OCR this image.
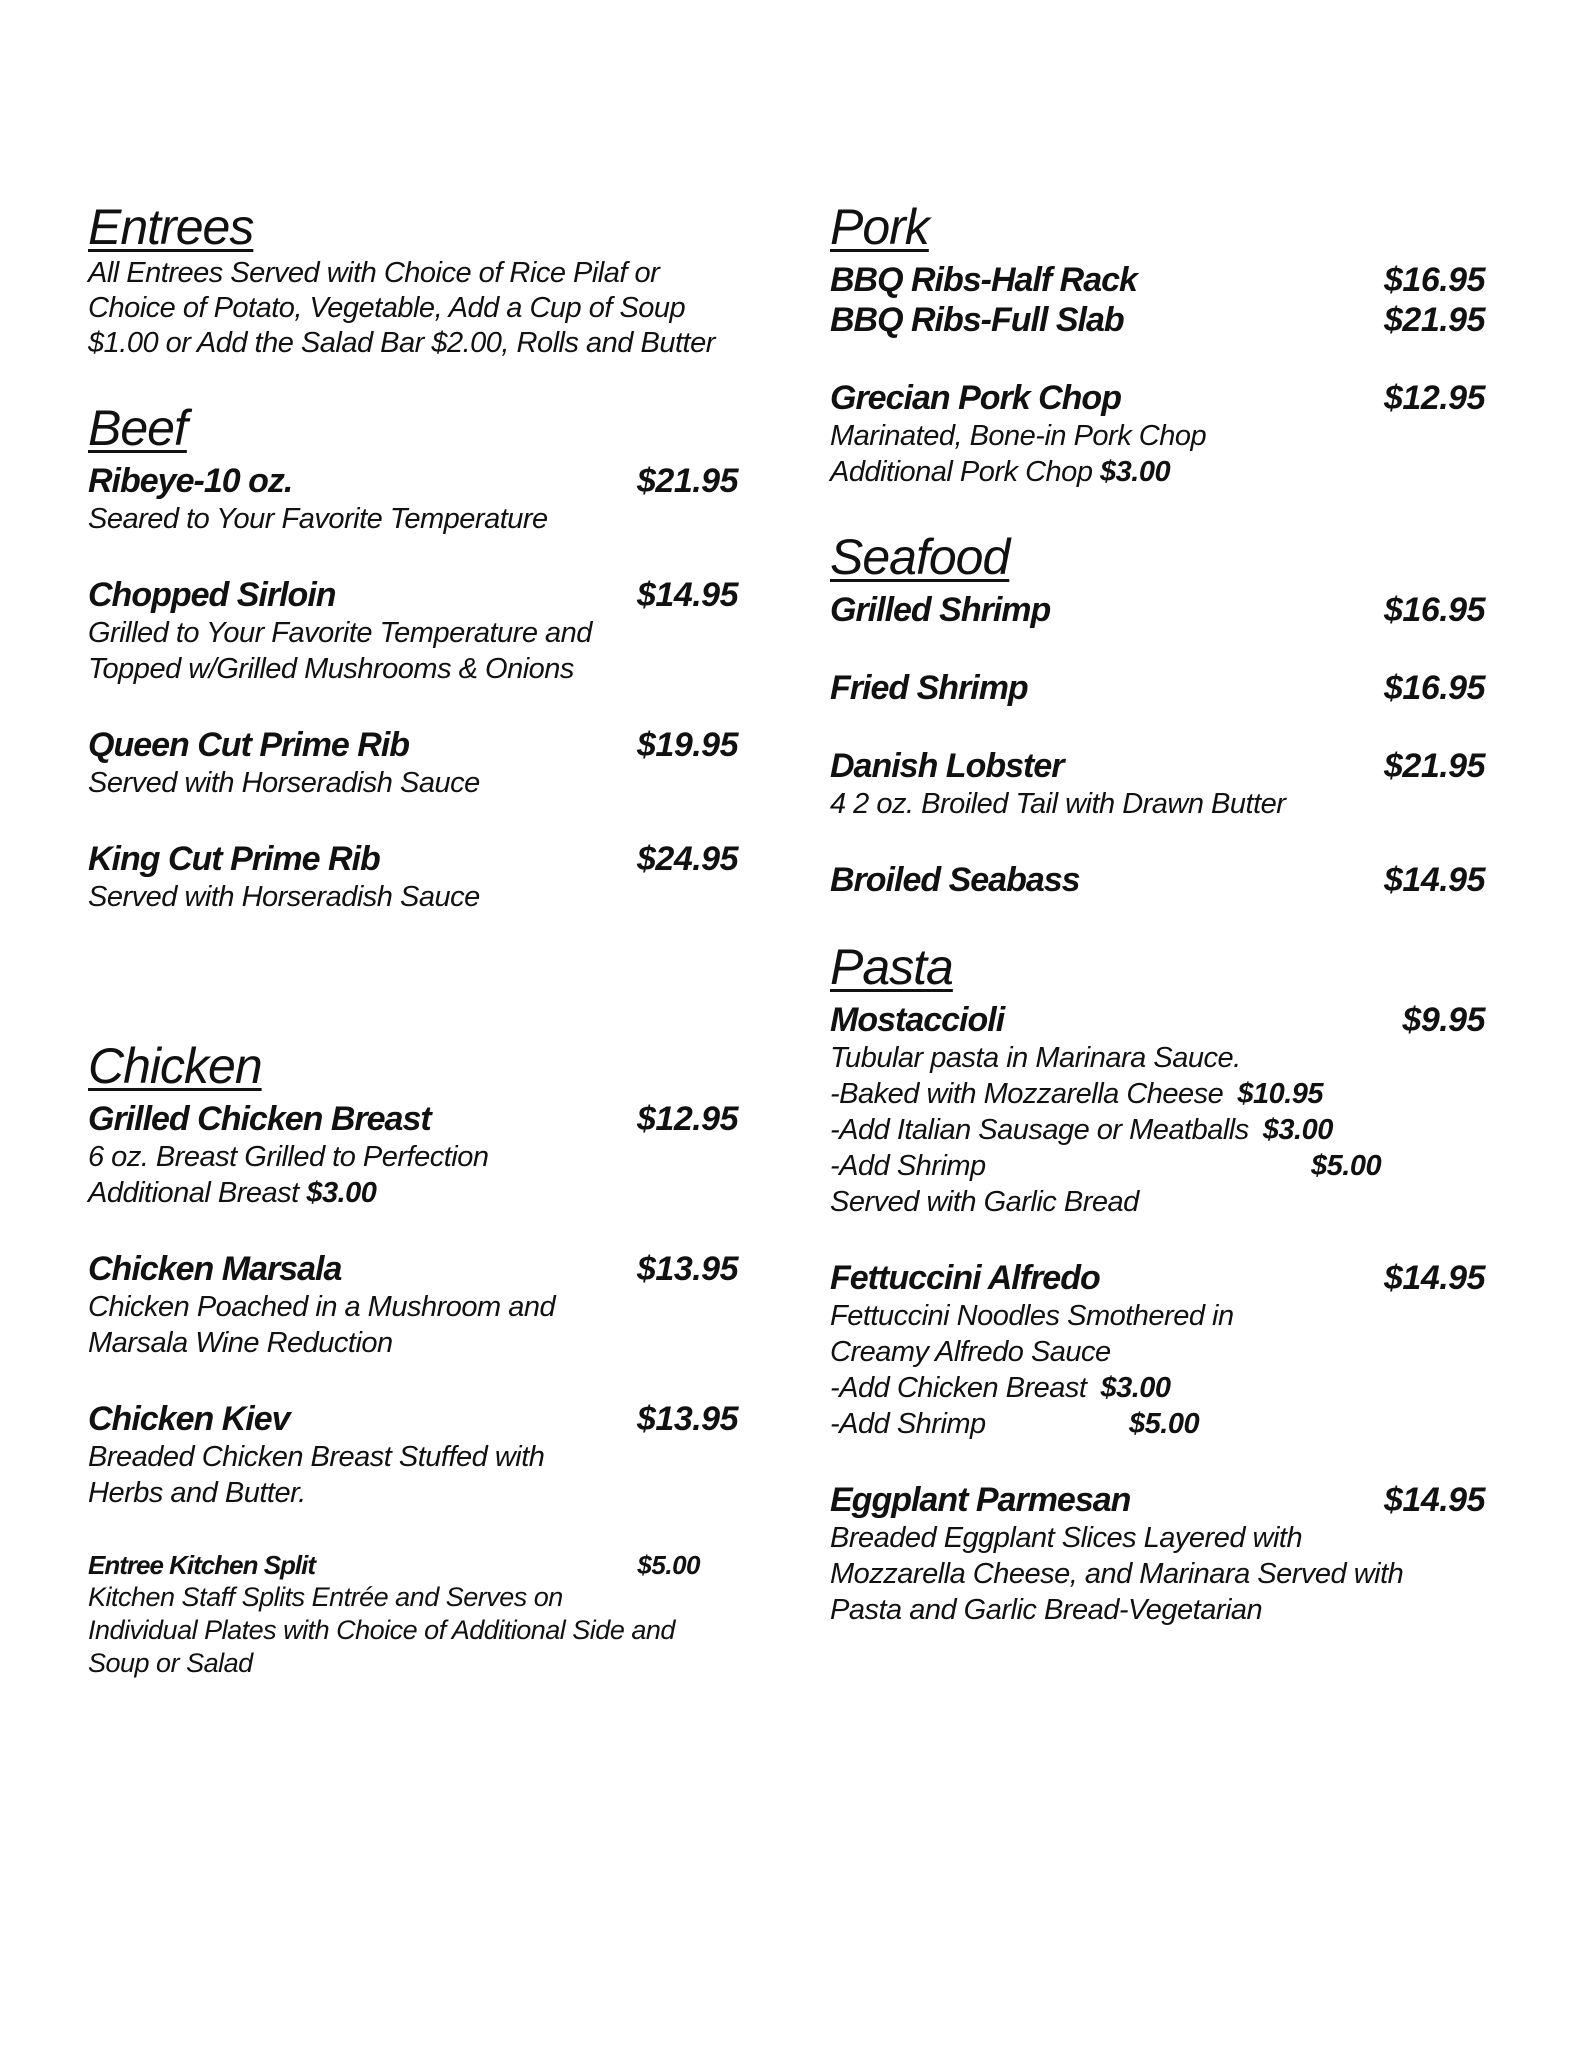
Entrees

All Entrees Served with Choice of Rice Pilaf or Choice of Potato, Vegetable, Add a Cup of Soup $1.00 or Add the Salad Bar $2.00, Rolls and Butter

Beef
Ribeye-10 oz.	$21.95

Seared to Your Favorite Temperature

Chopped Sirloin	$14.95

Grilled to Your Favorite Temperature and

Topped w/Grilled Mushrooms & Onions

Queen Cut Prime Rib	$19.95

Served with Horseradish Sauce

King Cut Prime Rib	$24.95

Served with Horseradish Sauce

Chicken
Grilled Chicken Breast	$12.95

6 oz. Breast Grilled to Perfection

Additional Breast $3.00

Chicken Marsala	$13.95

Chicken Poached in a Mushroom and

Marsala Wine Reduction

Chicken Kiev	$13.95

Breaded Chicken Breast Stuffed with

Herbs and Butter.

Entree Kitchen Split	$5.00

Kitchen Staff Splits Entrée and Serves on

Individual Plates with Choice of Additional Side and

Soup or Salad

Pork
BBQ Ribs-Half Rack	$16.95
BBQ Ribs-Full Slab	$21.95
Grecian Pork Chop	$12.95

Marinated, Bone-in Pork Chop

Additional Pork Chop $3.00

Seafood
Grilled Shrimp	$16.95
Fried Shrimp	$16.95
Danish Lobster	$21.95

4 2 oz. Broiled Tail with Drawn Butter

Broiled Seabass	$14.95
Pasta
Mostaccioli	$9.95

Tubular pasta in Marinara Sauce.

-Baked with Mozzarella Cheese $10.95
-Add Italian Sausage or Meatballs $3.00
-Add Shrimp	$5.00

Served with Garlic Bread

Fettuccini Alfredo	$14.95

Fettuccini Noodles Smothered in

Creamy Alfredo Sauce

-Add Chicken Breast $3.00
-Add Shrimp	$5.00
Eggplant Parmesan	$14.95

Breaded Eggplant Slices Layered with

Mozzarella Cheese, and Marinara Served with

Pasta and Garlic Bread-Vegetarian
